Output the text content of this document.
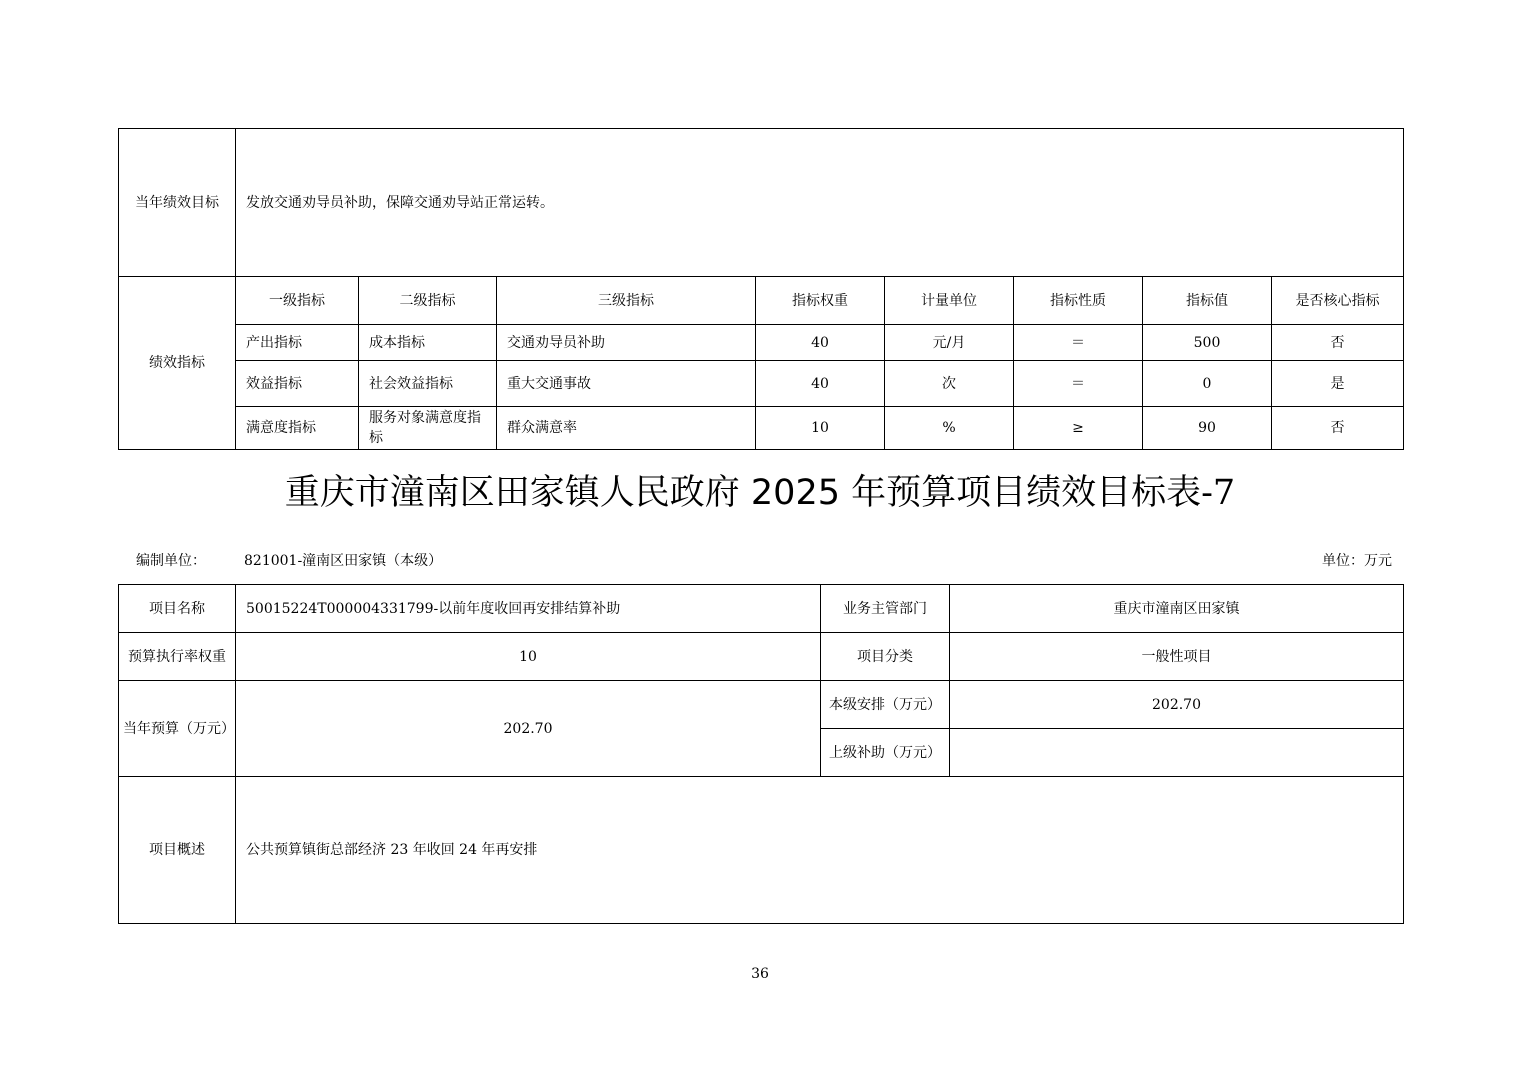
当年绩效目标	发放交通劝导员补助，保障交通劝导站正常运转。							
绩效指标	一级指标	二级指标	三级指标	指标权重	计量单位	指标性质	指标值	是否核心指标
	产出指标	成本指标	交通劝导员补助	40	元/月	＝	500	否
	效益指标	社会效益指标	重大交通事故	40	次	＝	0	是
	满意度指标	服务对象满意度指标	群众满意率	10	%	≥	90	否
重庆市潼南区田家镇人民政府 2025 年预算项目绩效目标表-7
编制单位：	821001-潼南区田家镇（本级）	单位：万元
项目名称	50015224T000004331799-以前年度收回再安排结算补助	业务主管部门	重庆市潼南区田家镇
预算执行率权重	10	项目分类	一般性项目
当年预算（万元）	202.70	本级安排（万元）	202.70
		上级补助（万元）	
项目概述	公共预算镇街总部经济 23 年收回 24 年再安排		
36
